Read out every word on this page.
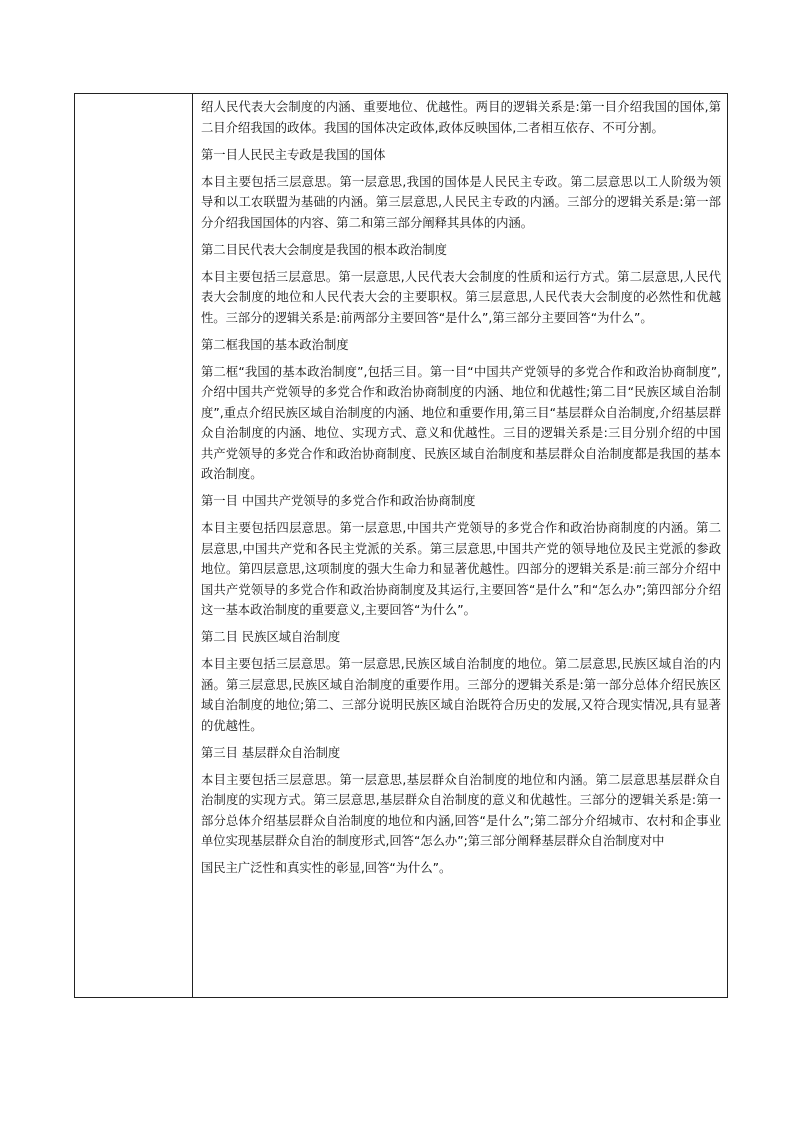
绍人民代表大会制度的内涵、重要地位、优越性。两目的逻辑关系是:第一目介绍我国的国体,第二目介绍我国的政体。我国的国体决定政体,政体反映国体,二者相互依存、不可分割。

第一目人民民主专政是我国的国体

本目主要包括三层意思。第一层意思,我国的国体是人民民主专政。第二层意思以工人阶级为领导和以工农联盟为基础的内涵。第三层意思,人民民主专政的内涵。三部分的逻辑关系是:第一部分介绍我国国体的内容、第二和第三部分阐释其具体的内涵。

第二目民代表大会制度是我国的根本政治制度

本目主要包括三层意思。第一层意思,人民代表大会制度的性质和运行方式。第二层意思,人民代表大会制度的地位和人民代表大会的主要职权。第三层意思,人民代表大会制度的必然性和优越性。三部分的逻辑关系是:前两部分主要回答“是什么”,第三部分主要回答“为什么”。

第二框我国的基本政治制度

第二框“我国的基本政治制度”,包括三目。第一目“中国共产党领导的多党合作和政治协商制度”,介绍中国共产党领导的多党合作和政治协商制度的内涵、地位和优越性;第二目“民族区域自治制度”,重点介绍民族区域自治制度的内涵、地位和重要作用,第三目“基层群众自治制度,介绍基层群众自治制度的内涵、地位、实现方式、意义和优越性。三目的逻辑关系是:三目分别介绍的中国共产党领导的多党合作和政治协商制度、民族区域自治制度和基层群众自治制度都是我国的基本政治制度。

第一目 中国共产党领导的多党合作和政治协商制度

本目主要包括四层意思。第一层意思,中国共产党领导的多党合作和政治协商制度的内涵。第二层意思,中国共产党和各民主党派的关系。第三层意思,中国共产党的领导地位及民主党派的参政地位。第四层意思,这项制度的强大生命力和显著优越性。四部分的逻辑关系是:前三部分介绍中国共产党领导的多党合作和政治协商制度及其运行,主要回答“是什么”和“怎么办”;第四部分介绍这一基本政治制度的重要意义,主要回答“为什么”。

第二目 民族区域自治制度

本目主要包括三层意思。第一层意思,民族区域自治制度的地位。第二层意思,民族区域自治的内涵。第三层意思,民族区域自治制度的重要作用。三部分的逻辑关系是:第一部分总体介绍民族区域自治制度的地位;第二、三部分说明民族区域自治既符合历史的发展,又符合现实情况,具有显著的优越性。

第三目 基层群众自治制度

本目主要包括三层意思。第一层意思,基层群众自治制度的地位和内涵。第二层意思基层群众自治制度的实现方式。第三层意思,基层群众自治制度的意义和优越性。三部分的逻辑关系是:第一部分总体介绍基层群众自治制度的地位和内涵,回答“是什么”;第二部分介绍城市、农村和企事业单位实现基层群众自治的制度形式,回答“怎么办”;第三部分阐释基层群众自治制度对中

国民主广泛性和真实性的彰显,回答“为什么”。
